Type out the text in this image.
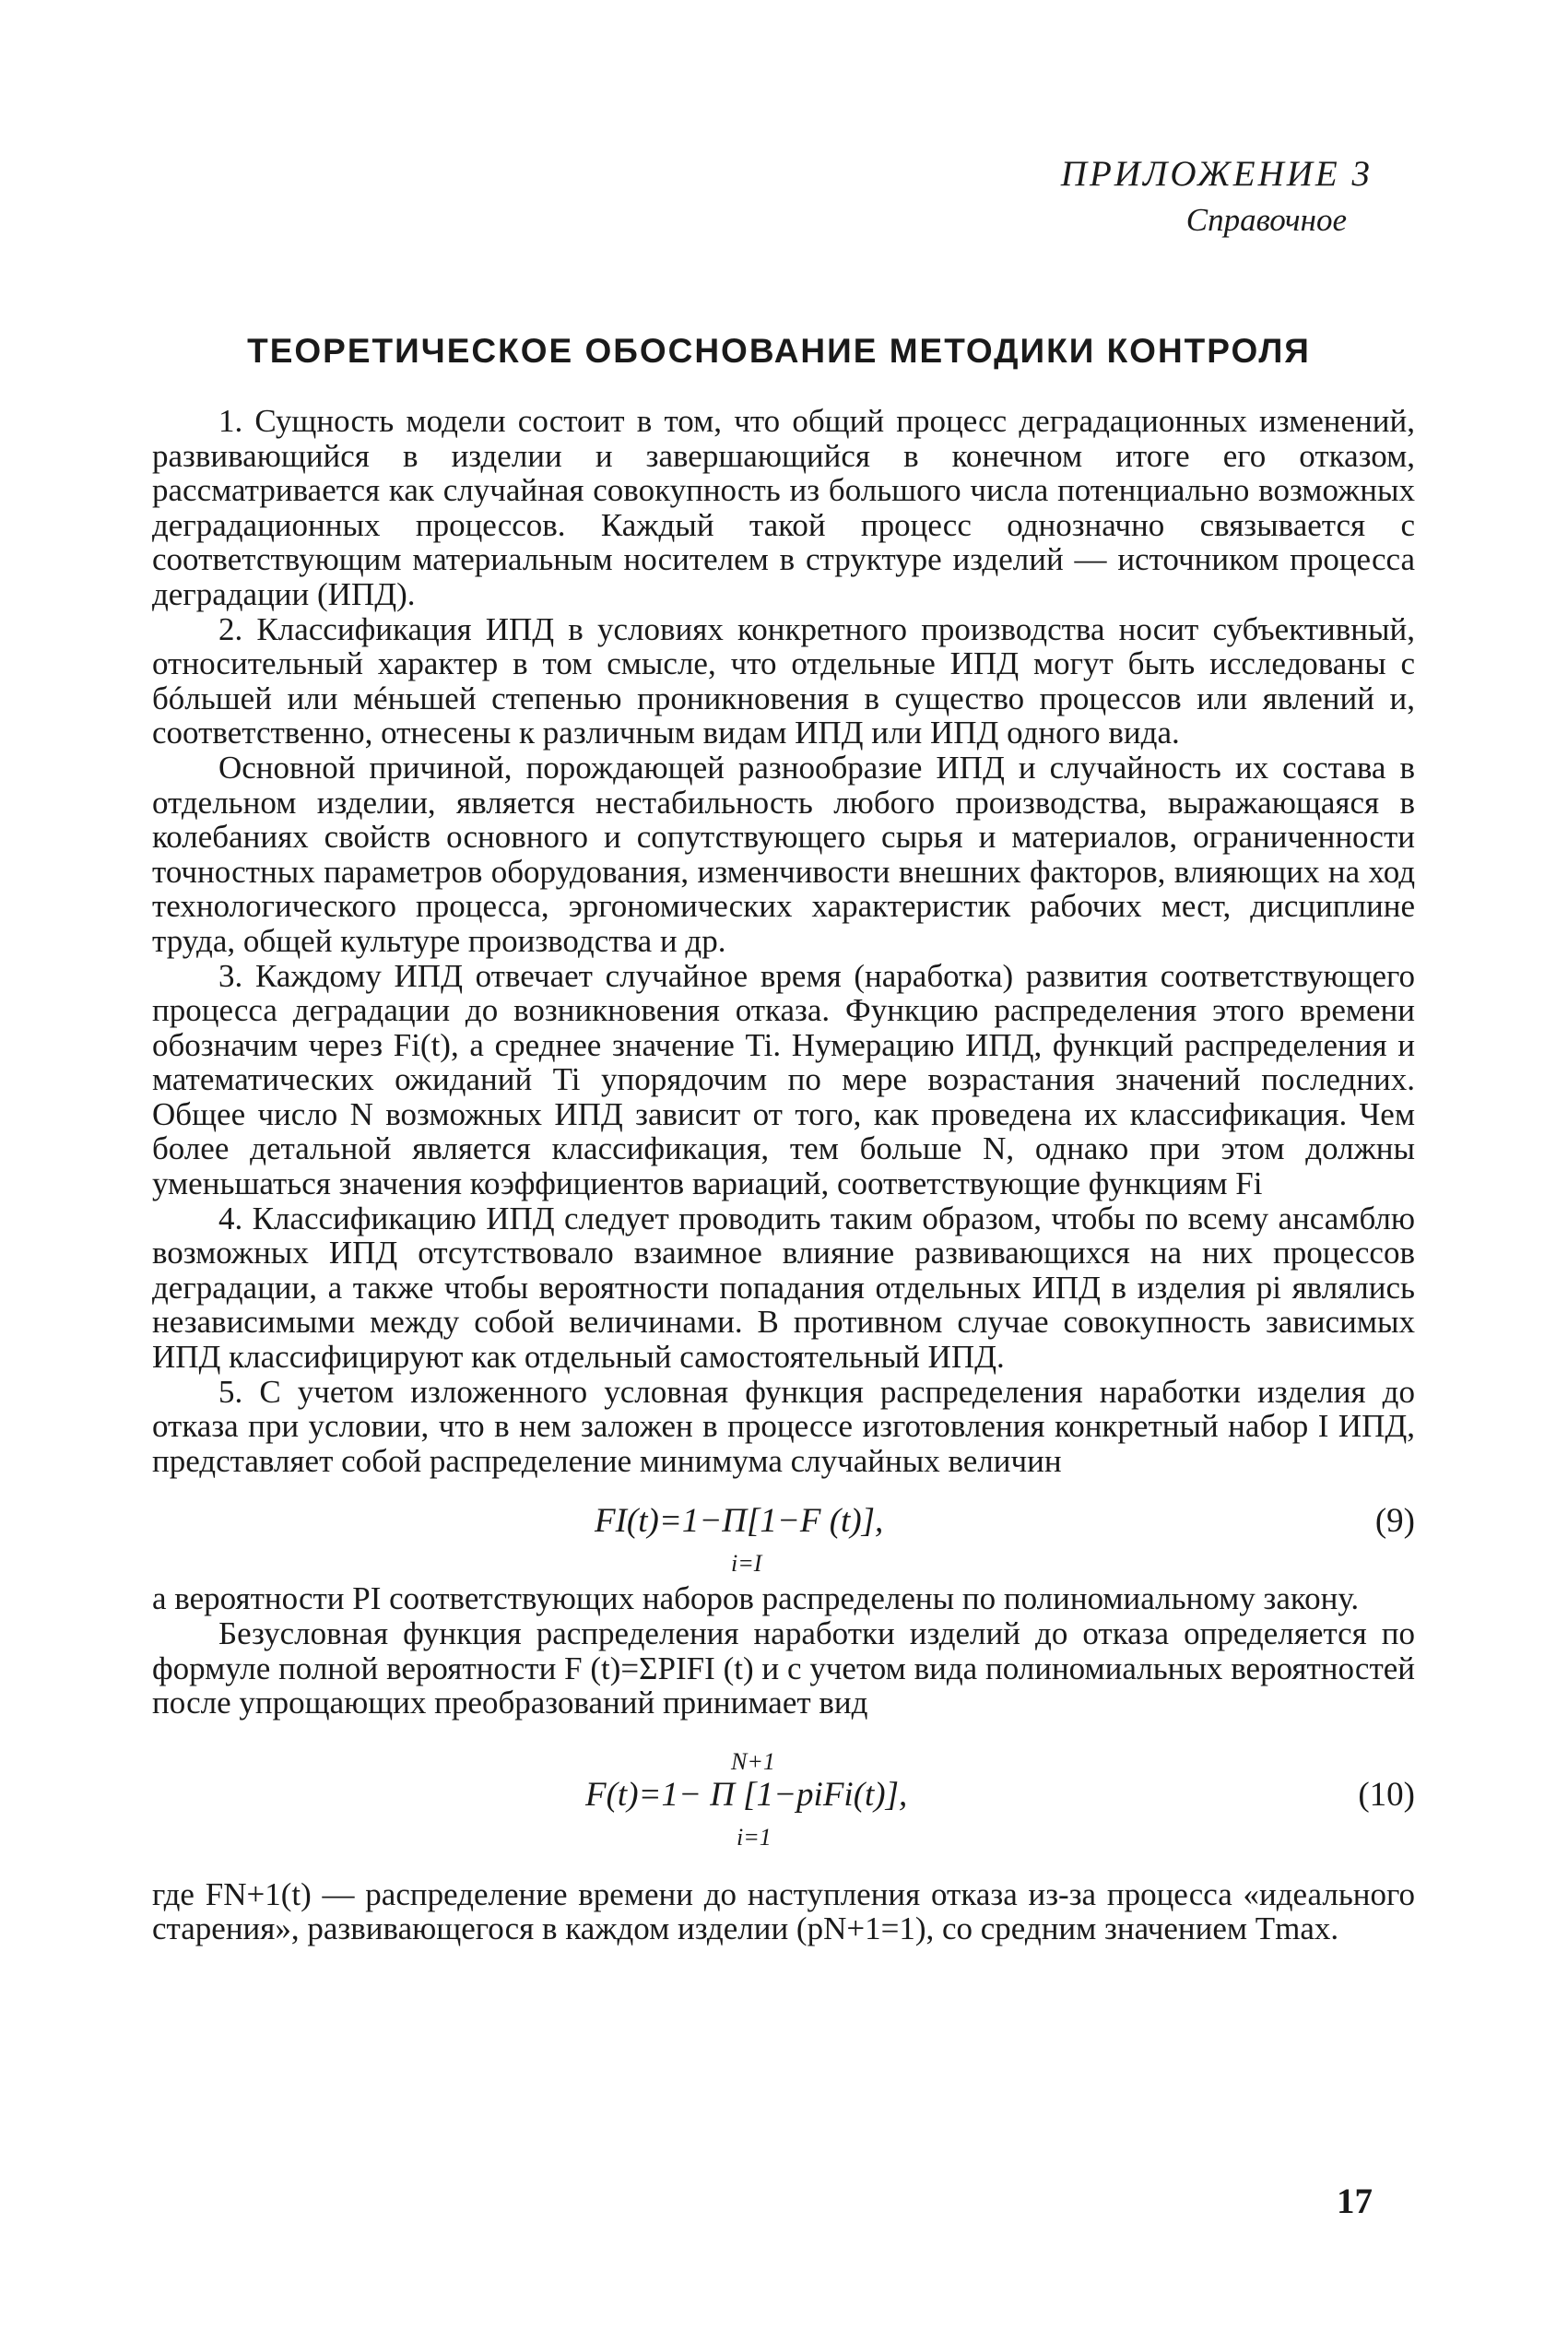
ПРИЛОЖЕНИЕ 3
Справочное
ТЕОРЕТИЧЕСКОЕ ОБОСНОВАНИЕ МЕТОДИКИ КОНТРОЛЯ

1. Сущность модели состоит в том, что общий процесс деградационных изменений, развивающийся в изделии и завершающийся в конечном итоге его отказом, рассматривается как случайная совокупность из большого числа потенциально возможных деградационных процессов. Каждый такой процесс однозначно связывается с соответствующим материальным носителем в структуре изделий — источником процесса деградации (ИПД).

2. Классификация ИПД в условиях конкретного производства носит субъективный, относительный характер в том смысле, что отдельные ИПД могут быть исследованы с бóльшей или мéньшей степенью проникновения в существо процессов или явлений и, соответственно, отнесены к различным видам ИПД или ИПД одного вида.

Основной причиной, порождающей разнообразие ИПД и случайность их состава в отдельном изделии, является нестабильность любого производства, выражающаяся в колебаниях свойств основного и сопутствующего сырья и материалов, ограниченности точностных параметров оборудования, изменчивости внешних факторов, влияющих на ход технологического процесса, эргономических характеристик рабочих мест, дисциплине труда, общей культуре производства и др.

3. Каждому ИПД отвечает случайное время (наработка) развития соответствующего процесса деградации до возникновения отказа. Функцию распределения этого времени обозначим через Fi(t), а среднее значение Ti. Нумерацию ИПД, функций распределения и математических ожиданий Ti упорядочим по мере возрастания значений последних. Общее число N возможных ИПД зависит от того, как проведена их классификация. Чем более детальной является классификация, тем больше N, однако при этом должны уменьшаться значения коэффициентов вариаций, соответствующие функциям Fi

4. Классификацию ИПД следует проводить таким образом, чтобы по всему ансамблю возможных ИПД отсутствовало взаимное влияние развивающихся на них процессов деградации, а также чтобы вероятности попадания отдельных ИПД в изделия pi являлись независимыми между собой величинами. В противном случае совокупность зависимых ИПД классифицируют как отдельный самостоятельный ИПД.

5. С учетом изложенного условная функция распределения наработки изделия до отказа при условии, что в нем заложен в процессе изготовления конкретный набор I ИПД, представляет собой распределение минимума случайных величин

FI(t)=1−Π[1−F (t)],
i=I
(9)

а вероятности PI соответствующих наборов распределены по полиномиальному закону.

Безусловная функция распределения наработки изделий до отказа определяется по формуле полной вероятности F (t)=ΣPIFI (t) и с учетом вида полиномиальных вероятностей после упрощающих преобразований принимает вид

N+1
F(t)=1− Π [1−piFi(t)],
i=1
(10)

где FN+1(t) — распределение времени до наступления отказа из-за процесса «идеального старения», развивающегося в каждом изделии (pN+1=1), со средним значением Tmax.

17
